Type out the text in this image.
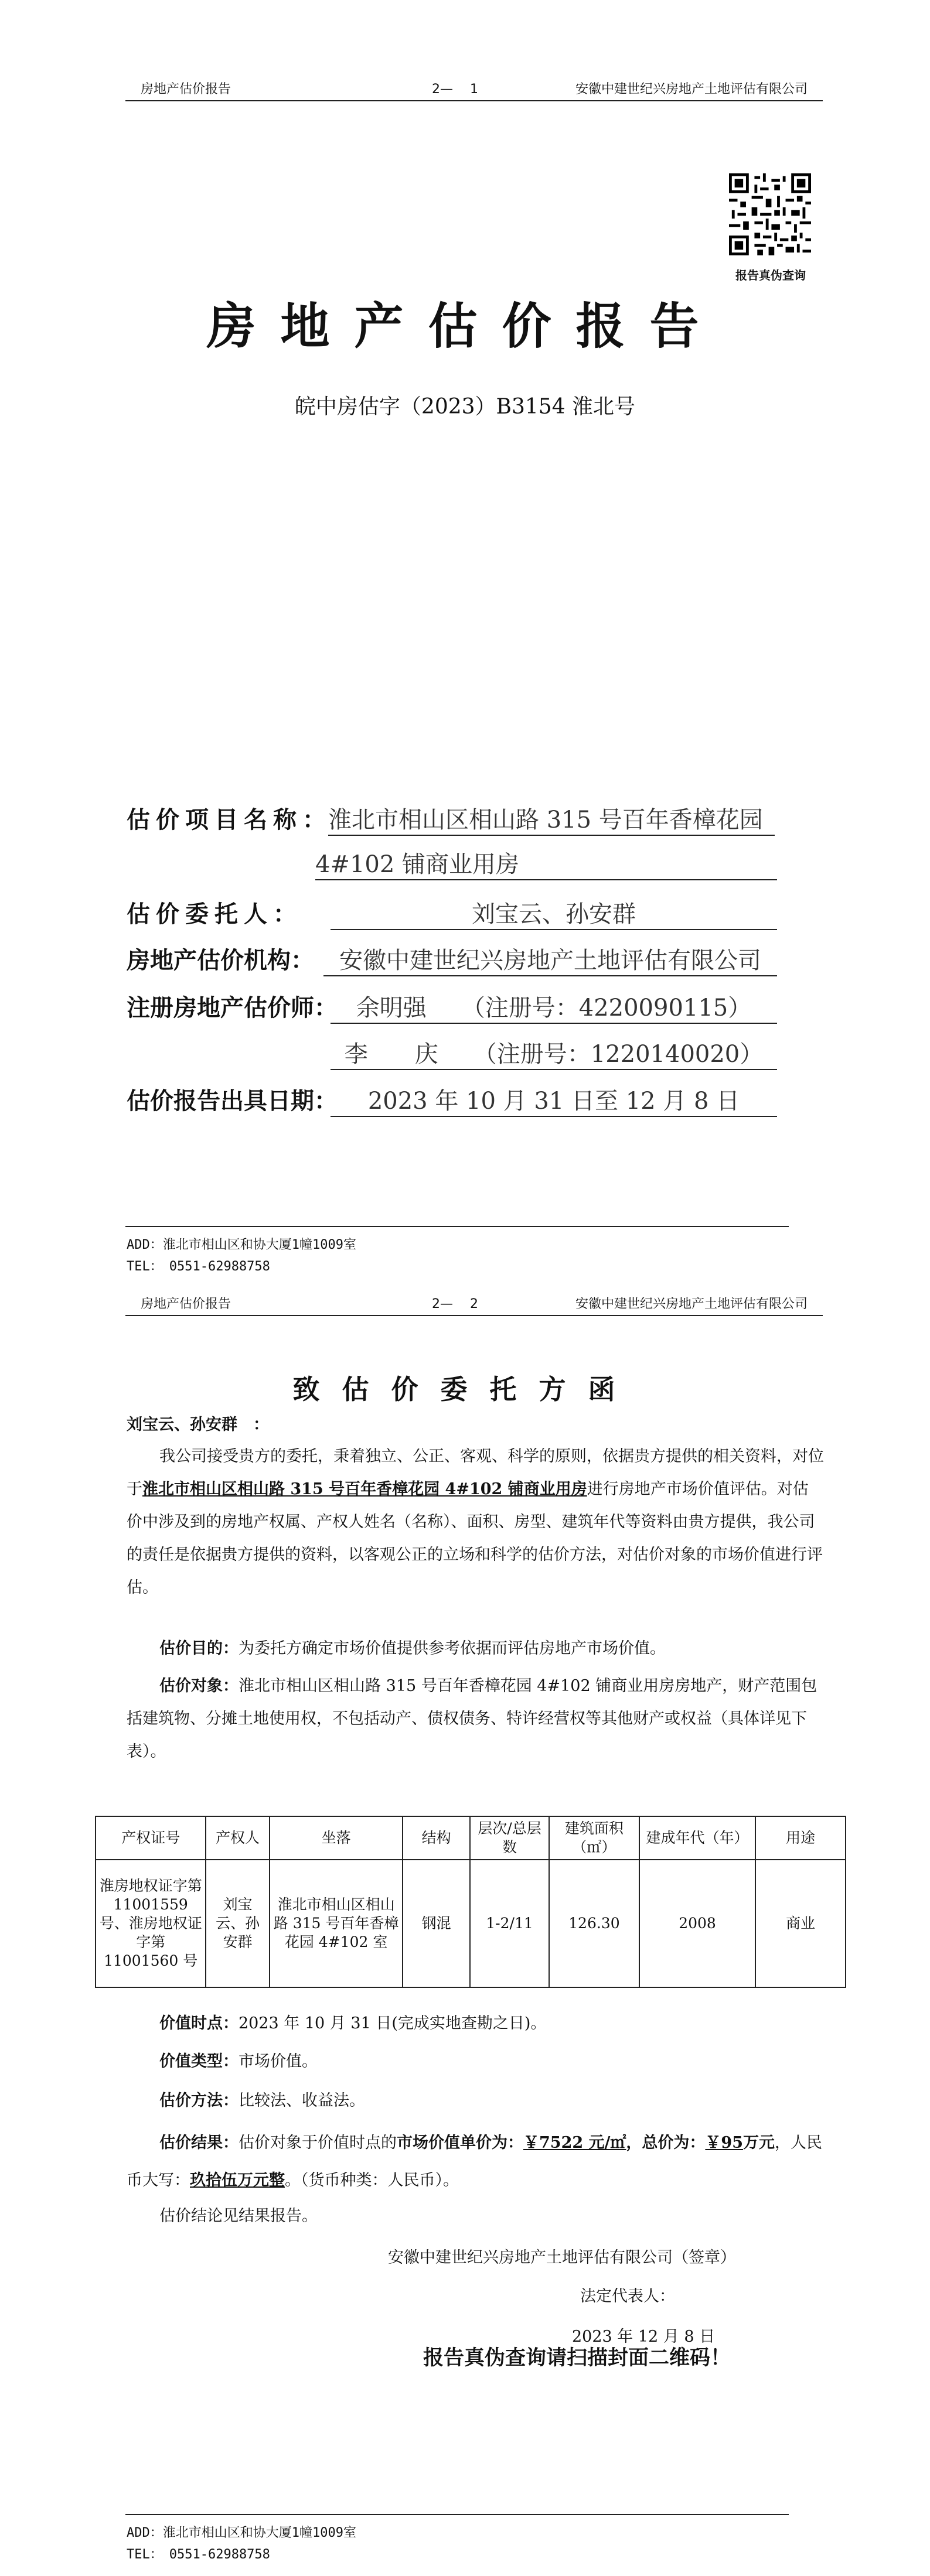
房地产估价报告	2—　 1	安徽中建世纪兴房地产土地评估有限公司
报告真伪查询
房地产估价报告
皖中房估字（2023）B3154 淮北号
估价项目名称：
淮北市相山区相山路 315 号百年香樟花园
4#102 铺商业用房
估价委托人：	刘宝云、孙安群
房地产估价机构：	安徽中建世纪兴房地产土地评估有限公司
注册房地产估价师： 余明强　　（注册号：4220090115）
李　　庆　　（注册号：1220140020）
估价报告出具日期：	2023 年 10 月 31 日至 12 月 8 日
ADD：淮北市相山区和协大厦1幢1009室
TEL：　0551-62988758
房地产估价报告	2—　 2	安徽中建世纪兴房地产土地评估有限公司
致估价委托方函
刘宝云、孙安群　：
我公司接受贵方的委托，秉着独立、公正、客观、科学的原则，依据贵方提供的相关资料，对位于淮北市相山区相山路 315 号百年香樟花园 4#102 铺商业用房进行房地产市场价值评估。对估价中涉及到的房地产权属、产权人姓名（名称）、面积、房型、建筑年代等资料由贵方提供，我公司的责任是依据贵方提供的资料，以客观公正的立场和科学的估价方法，对估价对象的市场价值进行评估。
估价目的：为委托方确定市场价值提供参考依据而评估房地产市场价值。
估价对象：淮北市相山区相山路 315 号百年香樟花园 4#102 铺商业用房房地产，财产范围包括建筑物、分摊土地使用权，不包括动产、债权债务、特许经营权等其他财产或权益（具体详见下表）。
产权证号	产权人	坐落	结构	层次/总层数	建筑面积（㎡）	建成年代（年）	用途
淮房地权证字第 11001559 号、淮房地权证字第 11001560 号	刘宝云、孙安群	淮北市相山区相山路 315 号百年香樟花园 4#102 室	钢混	1-2/11	126.30	2008	商业
价值时点：2023 年 10 月 31 日(完成实地查勘之日)。
价值类型：市场价值。
估价方法：比较法、收益法。
估价结果：估价对象于价值时点的市场价值单价为：￥7522 元/㎡，总价为：￥95万元，人民币大写：玖拾伍万元整。（货币种类：人民币）。
估价结论见结果报告。
安徽中建世纪兴房地产土地评估有限公司（签章）
法定代表人：
2023 年 12 月 8 日
报告真伪查询请扫描封面二维码！
ADD：淮北市相山区和协大厦1幢1009室
TEL：　0551-62988758
